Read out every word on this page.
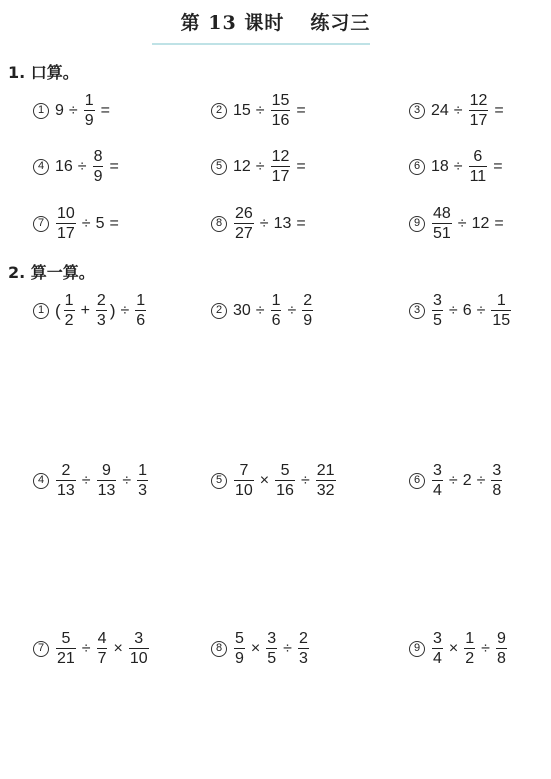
第 13 课时 练习三
1. 口算。
2. 算一算。
1 $9 \div \frac{1}{9}$ =	2 $15 \div \frac{15}{16}$ =	3 $24 \div \frac{12}{17}$ =
4 $16 \div \frac{8}{9}$ =	5 $12 \div \frac{12}{17}$ =	6 $18 \div \frac{6}{11}$ =
$7 \frac{10}{17} \div 5$ =	$8 \frac{26}{27} \div 13$ =	$9 \frac{48}{51} \div 12$ =
1 ( $\frac{1}{2} + \frac{2}{3}$ ) ÷ $\frac{1}{6}$	2 $30 \div \frac{1}{6} \div \frac{2}{9}$	$3 \frac{3}{5} \div 6 \div \frac{1}{15}$
$4 \frac{2}{13} \div \frac{9}{13} \div \frac{1}{3}$	$5 \frac{7}{10} \times \frac{5}{16} \div \frac{21}{32}$	$6 \frac{3}{4} \div 2 \div \frac{3}{8}$
$7 \frac{5}{21} \div \frac{4}{7} \times \frac{3}{10}$	$8 \frac{5}{9} \times \frac{3}{5} \div \frac{2}{3}$	$9 \frac{3}{4} \times \frac{1}{2} \div \frac{9}{8}$
